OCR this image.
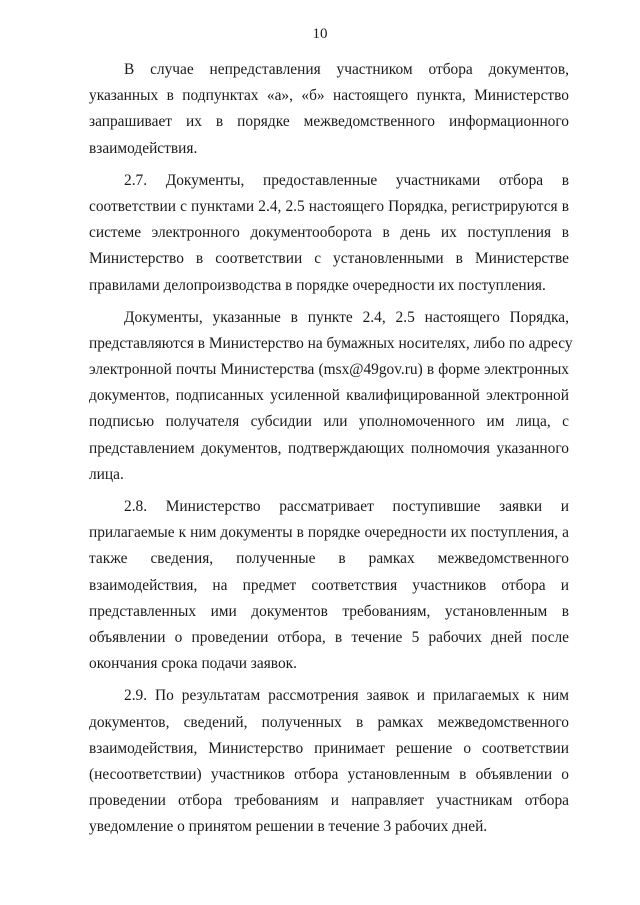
10
В случае непредставления участником отбора документов,
указанных в подпунктах «а», «б» настоящего пункта, Министерство
запрашивает их в порядке межведомственного информационного
взаимодействия.
2.7. Документы, предоставленные участниками отбора в
соответствии с пунктами 2.4, 2.5 настоящего Порядка, регистрируются в
системе электронного документооборота в день их поступления в
Министерство в соответствии с установленными в Министерстве
правилами делопроизводства в порядке очередности их поступления.
Документы, указанные в пункте 2.4, 2.5 настоящего Порядка,
представляются в Министерство на бумажных носителях, либо по адресу
электронной почты Министерства (msx@49gov.ru) в форме электронных
документов, подписанных усиленной квалифицированной электронной
подписью получателя субсидии или уполномоченного им лица, с
представлением документов, подтверждающих полномочия указанного
лица.
2.8. Министерство рассматривает поступившие заявки и
прилагаемые к ним документы в порядке очередности их поступления, а
также сведения, полученные в рамках межведомственного
взаимодействия, на предмет соответствия участников отбора и
представленных ими документов требованиям, установленным в
объявлении о проведении отбора, в течение 5 рабочих дней после
окончания срока подачи заявок.
2.9. По результатам рассмотрения заявок и прилагаемых к ним
документов, сведений, полученных в рамках межведомственного
взаимодействия, Министерство принимает решение о соответствии
(несоответствии) участников отбора установленным в объявлении о
проведении отбора требованиям и направляет участникам отбора
уведомление о принятом решении в течение 3 рабочих дней.
